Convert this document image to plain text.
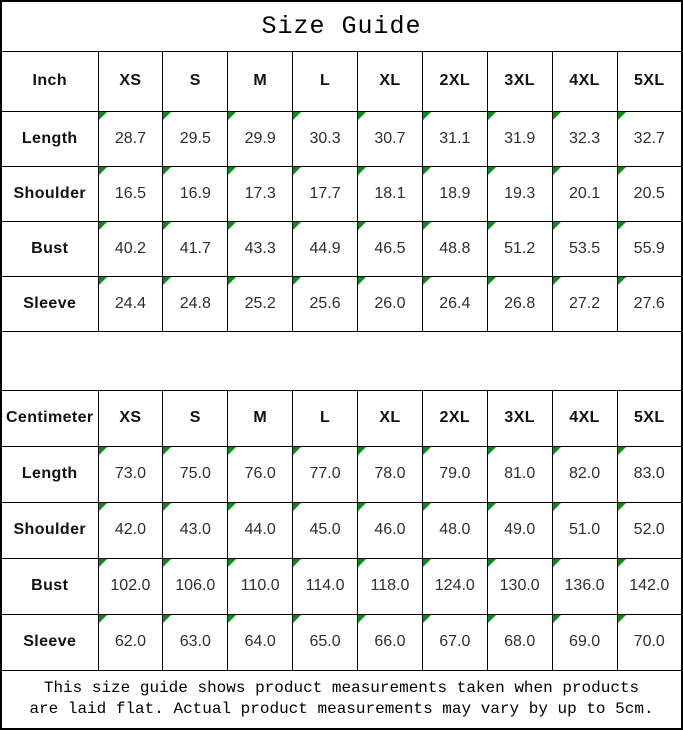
Size Guide									
Inch	XS	S	M	L	XL	2XL	3XL	4XL	5XL
Length	28.7	29.5	29.9	30.3	30.7	31.1	31.9	32.3	32.7
Shoulder	16.5	16.9	17.3	17.7	18.1	18.9	19.3	20.1	20.5
Bust	40.2	41.7	43.3	44.9	46.5	48.8	51.2	53.5	55.9
Sleeve	24.4	24.8	25.2	25.6	26.0	26.4	26.8	27.2	27.6

Centimeter	XS	S	M	L	XL	2XL	3XL	4XL	5XL
Length	73.0	75.0	76.0	77.0	78.0	79.0	81.0	82.0	83.0
Shoulder	42.0	43.0	44.0	45.0	46.0	48.0	49.0	51.0	52.0
Bust	102.0	106.0	110.0	114.0	118.0	124.0	130.0	136.0	142.0
Sleeve	62.0	63.0	64.0	65.0	66.0	67.0	68.0	69.0	70.0

This size guide shows product measurements taken when products
are laid flat. Actual product measurements may vary by up to 5cm.									
